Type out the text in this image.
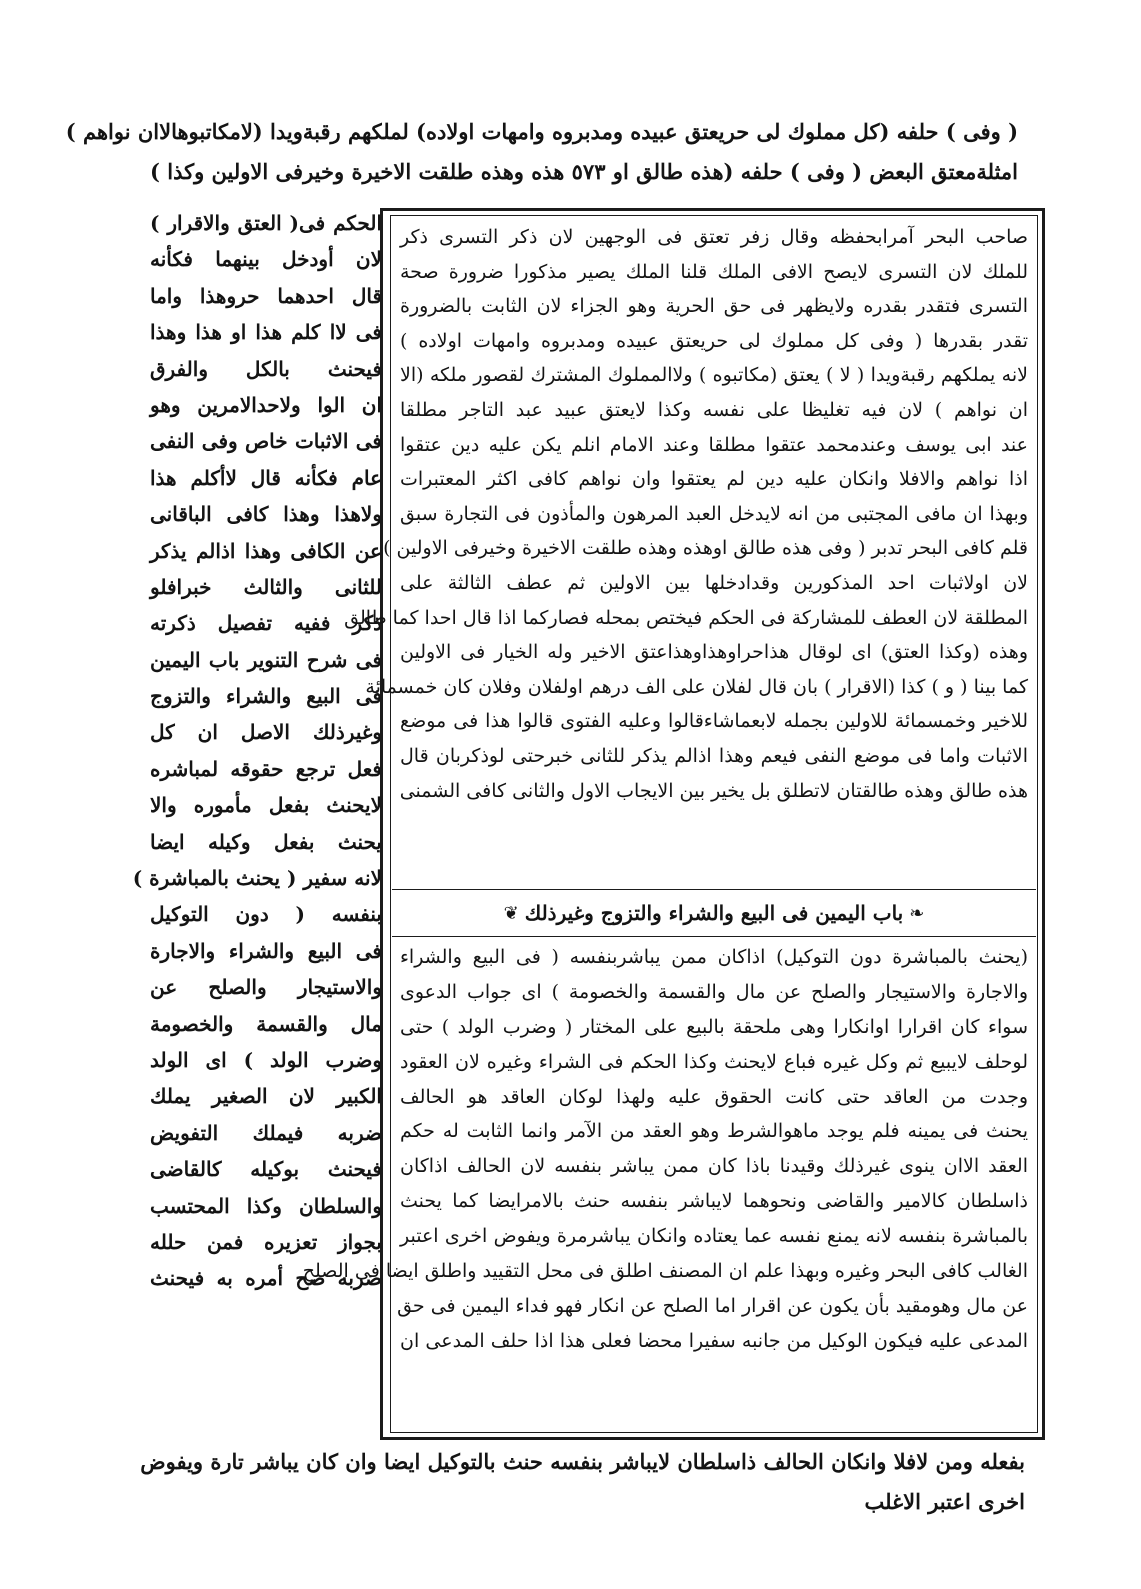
( وفى ) حلفه (كل مملوك لى حريعتق عبيده ومدبروه وامهات اولاده) لملكهم رقبةويدا (لامكاتبوهالاان نواهم )
امثلةمعتق البعض ( وفى ) حلفه (هذه طالق او ٥٧٣ هذه وهذه طلقت الاخيرة وخيرفى الاولين وكذا )
الحكم فى( العتق والاقرار )
لان أودخل بينهما فكأنه
قال احدهما حروهذا واما
فى لاا كلم هذا او هذا وهذا
فيحنث بالكل والفرق
ان الوا ولاحدالامرين وهو
فى الاثبات خاص وفى النفى
عام فكأنه قال لاأكلم هذا
ولاهذا وهذا كافى الباقانى
عن الكافى وهذا اذالم يذكر
للثانى والثالث خبرافلو
ذكر ففيه تفصيل ذكرته
فى شرح التنوير باب اليمين
فى البيع والشراء والتزوج
وغيرذلك الاصل ان كل
فعل ترجع حقوقه لمباشره
لايحنث بفعل مأموره والا
يحنث بفعل وكيله ايضا
لانه سفير ( يحنث بالمباشرة )
بنفسه ( دون التوكيل
فى البيع والشراء والاجارة
والاستيجار والصلح عن
مال والقسمة والخصومة
وضرب الولد ) اى الولد
الكبير لان الصغير يملك
ضربه فيملك التفويض
فيحنث بوكيله كالقاضى
والسلطان وكذا المحتسب
بجواز تعزيره فمن حلله
ضربه صح أمره به فيحنث
صاحب البحر آمرابحفظه وقال زفر تعتق فى الوجهين لان ذكر التسرى ذكر
للملك لان التسرى لايصح الافى الملك قلنا الملك يصير مذكورا ضرورة صحة
التسرى فتقدر بقدره ولايظهر فى حق الحرية وهو الجزاء لان الثابت بالضرورة
تقدر بقدرها ( وفى كل مملوك لى حريعتق عبيده ومدبروه وامهات اولاده )
لانه يملكهم رقبةويدا ( لا ) يعتق (مكاتبوه ) ولاالمملوك المشترك لقصور ملكه (الا
ان نواهم ) لان فيه تغليظا على نفسه وكذا لايعتق عبيد عبد التاجر مطلقا
عند ابى يوسف وعندمحمد عتقوا مطلقا وعند الامام انلم يكن عليه دين عتقوا
اذا نواهم والافلا وانكان عليه دين لم يعتقوا وان نواهم كافى اكثر المعتبرات
وبهذا ان مافى المجتبى من انه لايدخل العبد المرهون والمأذون فى التجارة سبق
قلم كافى البحر تدبر ( وفى هذه طالق اوهذه وهذه طلقت الاخيرة وخيرفى الاولين )
لان اولاثبات احد المذكورين وقدادخلها بين الاولين ثم عطف الثالثة على
المطلقة لان العطف للمشاركة فى الحكم فيختص بمحله فصاركما اذا قال احدا كما طالق
وهذه (وكذا العتق) اى لوقال هذاحراوهذاوهذاعتق الاخير وله الخيار فى الاولين
كما بينا ( و ) كذا (الاقرار ) بان قال لفلان على الف درهم اولفلان وفلان كان خمسمائة
للاخير وخمسمائة للاولين بجمله لابعماشاءقالوا وعليه الفتوى قالوا هذا فى موضع
الاثبات واما فى موضع النفى فيعم وهذا اذالم يذكر للثانى خبرحتى لوذكربان قال
هذه طالق وهذه طالقتان لاتطلق بل يخير بين الايجاب الاول والثانى كافى الشمنى
❦ باب اليمين فى البيع والشراء والتزوج وغيرذلك ❧
(يحنث بالمباشرة دون التوكيل) اذاكان ممن يباشربنفسه ( فى البيع والشراء
والاجارة والاستيجار والصلح عن مال والقسمة والخصومة ) اى جواب الدعوى
سواء كان اقرارا اوانكارا وهى ملحقة بالبيع على المختار ( وضرب الولد ) حتى
لوحلف لايبيع ثم وكل غيره فباع لايحنث وكذا الحكم فى الشراء وغيره لان العقود
وجدت من العاقد حتى كانت الحقوق عليه ولهذا لوكان العاقد هو الحالف
يحنث فى يمينه فلم يوجد ماهوالشرط وهو العقد من الآمر وانما الثابت له حكم
العقد الاان ينوى غيرذلك وقيدنا باذا كان ممن يباشر بنفسه لان الحالف اذاكان
ذاسلطان كالامير والقاضى ونحوهما لايباشر بنفسه حنث بالامرايضا كما يحنث
بالمباشرة بنفسه لانه يمنع نفسه عما يعتاده وانكان يباشرمرة ويفوض اخرى اعتبر
الغالب كافى البحر وغيره وبهذا علم ان المصنف اطلق فى محل التقييد واطلق ايضا فى الصلح
عن مال وهومقيد بأن يكون عن اقرار اما الصلح عن انكار فهو فداء اليمين فى حق
المدعى عليه فيكون الوكيل من جانبه سفيرا محضا فعلى هذا اذا حلف المدعى ان
بفعله ومن لافلا وانكان الحالف ذاسلطان لايباشر بنفسه حنث بالتوكيل ايضا وان كان يباشر تارة ويفوض
اخرى اعتبر الاغلب
